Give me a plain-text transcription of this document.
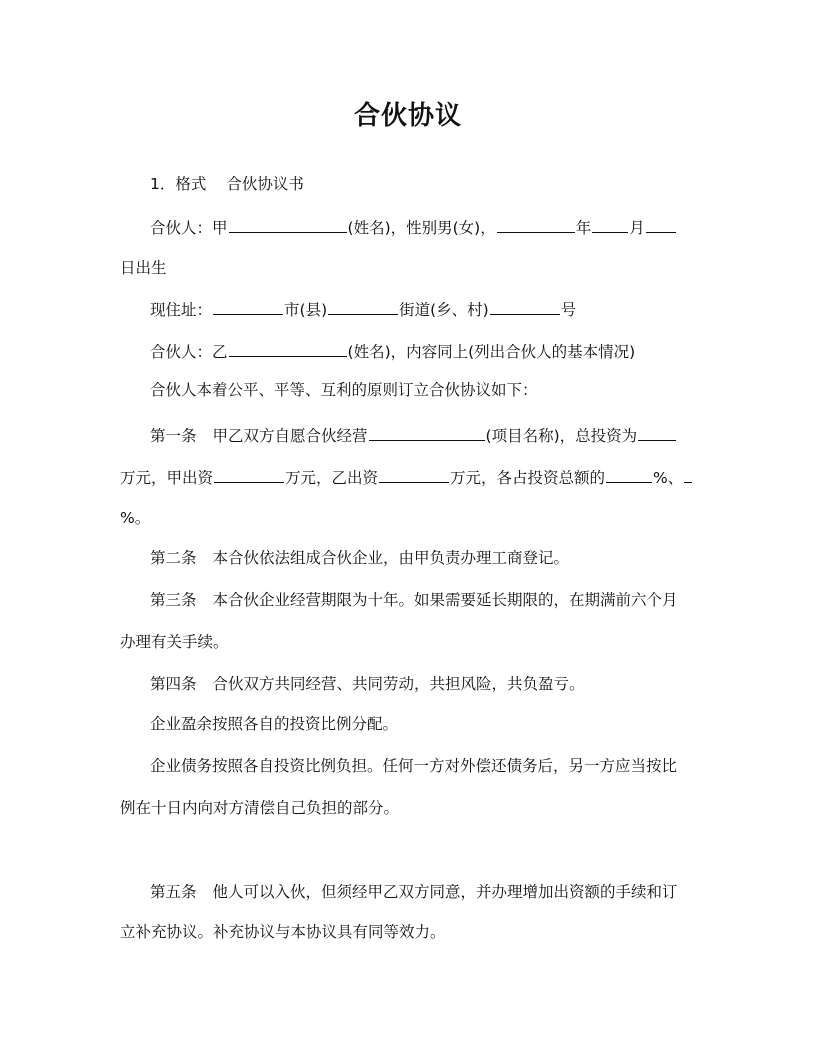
合伙协议
1．格式 合伙协议书
合伙人：甲	(姓名)，性别男(女)，	年 月
日出生
现住址：	市(县)	街道(乡、村)	号
合伙人：乙	(姓名)，内容同上(列出合伙人的基本情况)
合伙人本着公平、平等、互利的原则订立合伙协议如下：
第一条 甲乙双方自愿合伙经营	(项目名称)，总投资为
万元，甲出资	万元，乙出资	万元，各占投资总额的	%、
%。
第二条 本合伙依法组成合伙企业，由甲负责办理工商登记。
第三条 本合伙企业经营期限为十年。如果需要延长期限的，在期满前六个月
办理有关手续。
第四条 合伙双方共同经营、共同劳动，共担风险，共负盈亏。
企业盈余按照各自的投资比例分配。
企业债务按照各自投资比例负担。任何一方对外偿还债务后，另一方应当按比
例在十日内向对方清偿自己负担的部分。
第五条 他人可以入伙，但须经甲乙双方同意，并办理增加出资额的手续和订
立补充协议。补充协议与本协议具有同等效力。
